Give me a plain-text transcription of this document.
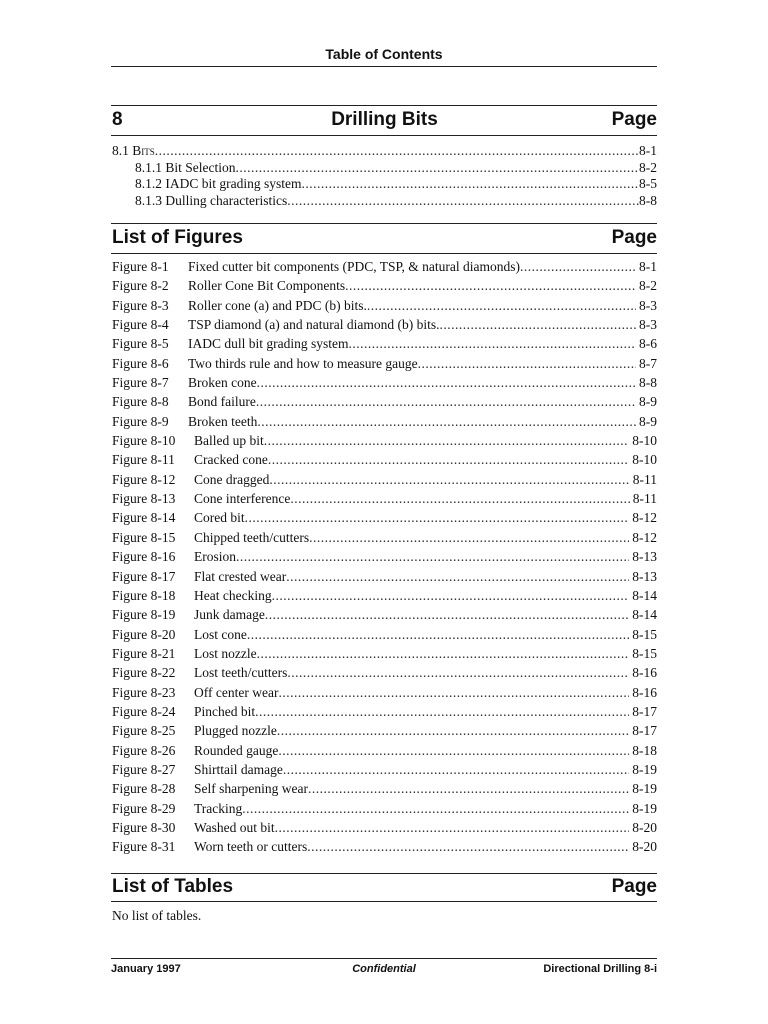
Table of Contents
8	Drilling Bits	Page
8.1 Bits .....	8-1
8.1.1 Bit Selection .....	8-2
8.1.2 IADC bit grading system .....	8-5
8.1.3 Dulling characteristics .....	8-8
List of Figures	Page
Figure 8-1	Fixed cutter bit components (PDC, TSP, & natural diamonds) .....	8-1
Figure 8-2	Roller Cone Bit Components .....	8-2
Figure 8-3	Roller cone (a) and PDC (b) bits. .....	8-3
Figure 8-4	TSP diamond (a) and natural diamond (b) bits. .....	8-3
Figure 8-5	IADC dull bit grading system .....	8-6
Figure 8-6	Two thirds rule and how to measure gauge .....	8-7
Figure 8-7	Broken cone .....	8-8
Figure 8-8	Bond failure .....	8-9
Figure 8-9	Broken teeth .....	8-9
Figure 8-10	Balled up bit .....	8-10
Figure 8-11	Cracked cone .....	8-10
Figure 8-12	Cone dragged .....	8-11
Figure 8-13	Cone interference .....	8-11
Figure 8-14	Cored bit .....	8-12
Figure 8-15	Chipped teeth/cutters .....	8-12
Figure 8-16	Erosion .....	8-13
Figure 8-17	Flat crested wear .....	8-13
Figure 8-18	Heat checking .....	8-14
Figure 8-19	Junk damage .....	8-14
Figure 8-20	Lost cone .....	8-15
Figure 8-21	Lost nozzle .....	8-15
Figure 8-22	Lost teeth/cutters .....	8-16
Figure 8-23	Off center wear .....	8-16
Figure 8-24	Pinched bit .....	8-17
Figure 8-25	Plugged nozzle .....	8-17
Figure 8-26	Rounded gauge .....	8-18
Figure 8-27	Shirttail damage .....	8-19
Figure 8-28	Self sharpening wear .....	8-19
Figure 8-29	Tracking .....	8-19
Figure 8-30	Washed out bit .....	8-20
Figure 8-31	Worn teeth or cutters .....	8-20
List of Tables	Page
No list of tables.
January 1997	Confidential	Directional Drilling 8-i
